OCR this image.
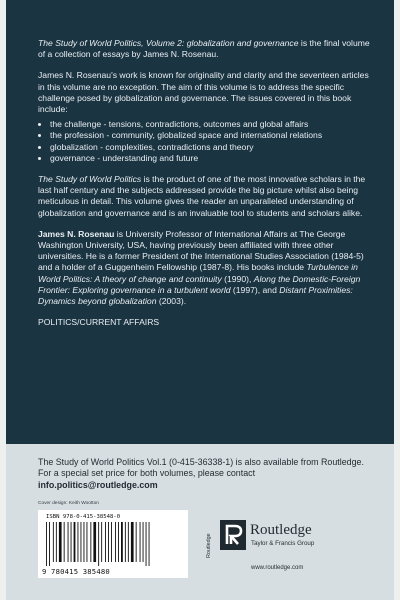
The Study of World Politics, Volume 2: globalization and governance is the final volume of a collection of essays by James N. Rosenau.

James N. Rosenau's work is known for originality and clarity and the seventeen articles in this volume are no exception. The aim of this volume is to address the specific challenge posed by globalization and governance. The issues covered in this book include:

• the challenge - tensions, contradictions, outcomes and global affairs
• the profession - community, globalized space and international relations
• globalization - complexities, contradictions and theory
• governance - understanding and future

The Study of World Politics is the product of one of the most innovative scholars in the last half century and the subjects addressed provide the big picture whilst also being meticulous in detail. This volume gives the reader an unparalleled understanding of globalization and governance and is an invaluable tool to students and scholars alike.

James N. Rosenau is University Professor of International Affairs at The George Washington University, USA, having previously been affiliated with three other universities. He is a former President of the International Studies Association (1984-5) and a holder of a Guggenheim Fellowship (1987-8). His books include Turbulence in World Politics: A theory of change and continuity (1990), Along the Domestic-Foreign Frontier: Exploring governance in a turbulent world (1997), and Distant Proximities: Dynamics beyond globalization (2003).

POLITICS/CURRENT AFFAIRS

The Study of World Politics Vol.1 (0-415-36338-1) is also available from Routledge. For a special set price for both volumes, please contact info.politics@routledge.com
Cover design: Keith Wootton
ISBN 978-0-415-38548-0
9 780415 385480
Routledge
Routledge
Taylor & Francis Group
www.routledge.com
